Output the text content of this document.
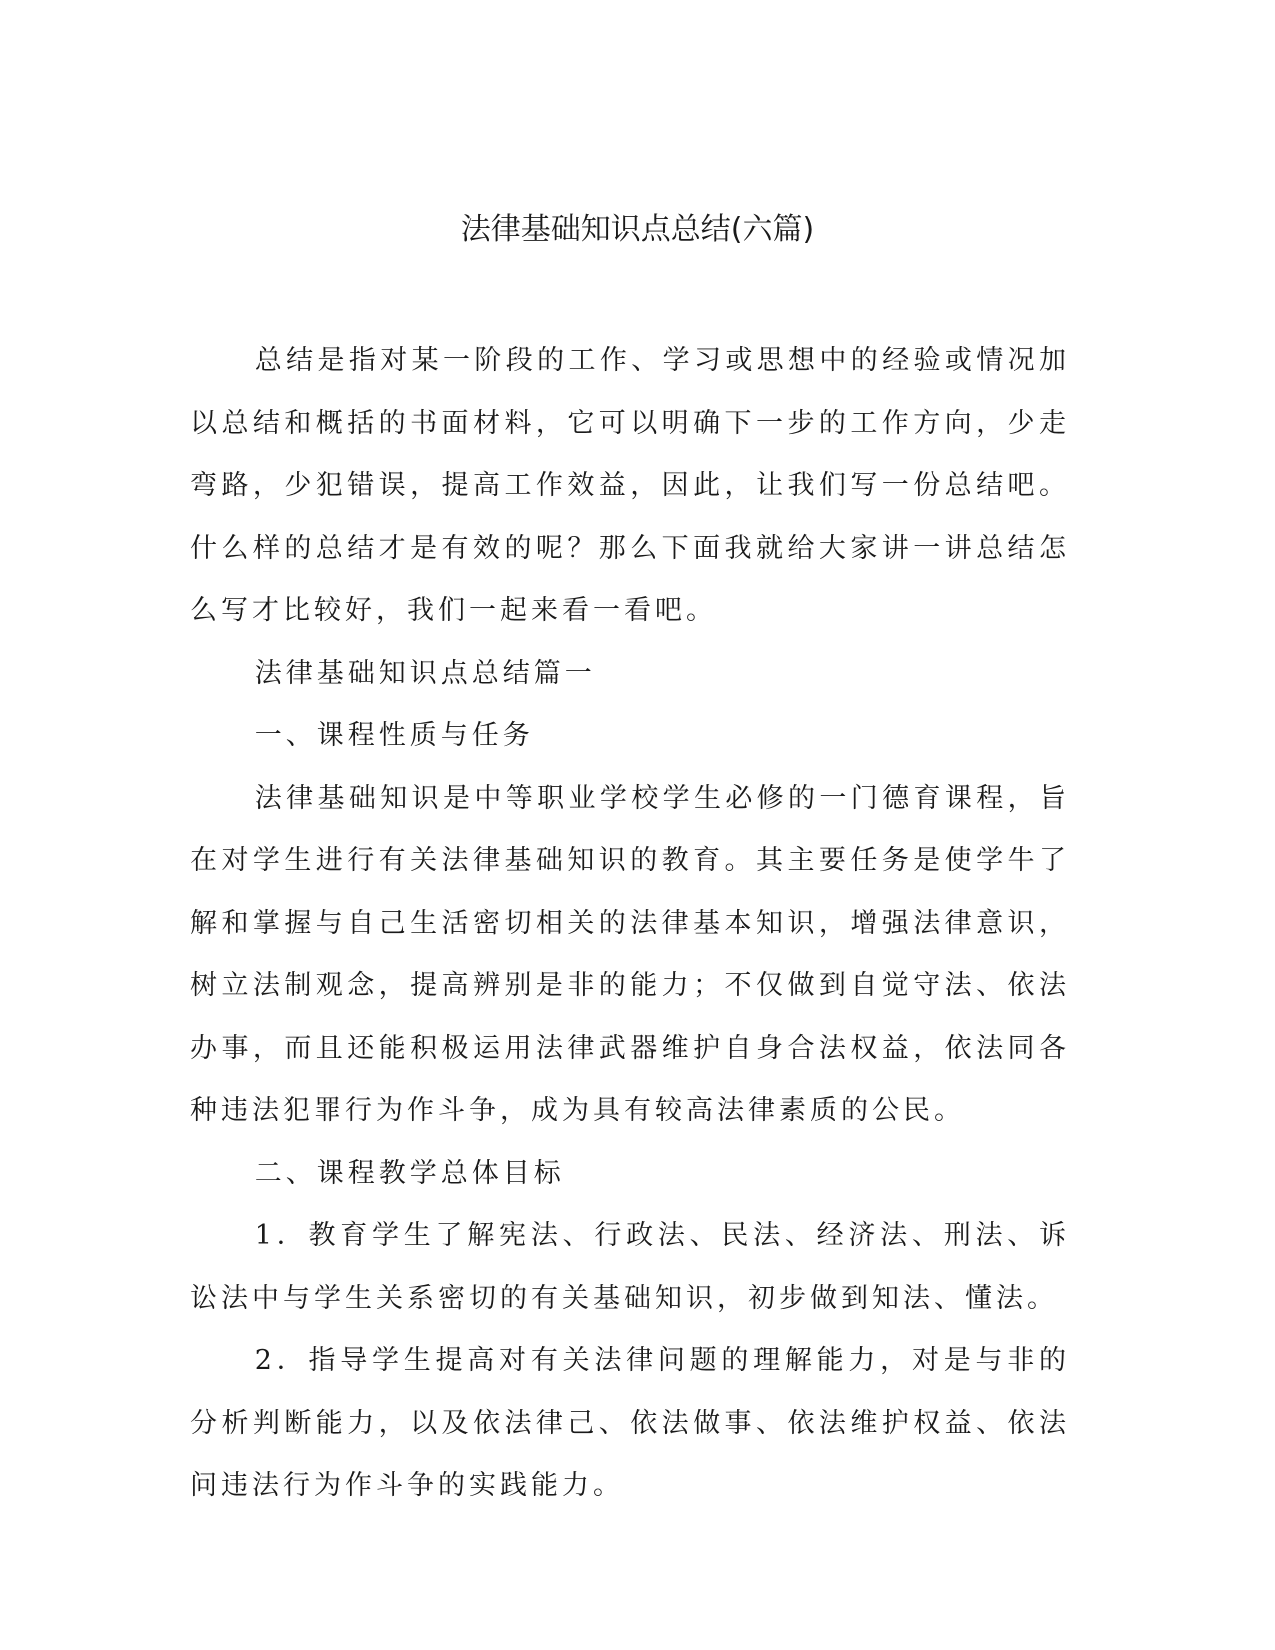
法律基础知识点总结(六篇)

总结是指对某一阶段的工作、学习或思想中的经验或情况加以总结和概括的书面材料，它可以明确下一步的工作方向，少走弯路，少犯错误，提高工作效益，因此，让我们写一份总结吧。什么样的总结才是有效的呢？那么下面我就给大家讲一讲总结怎么写才比较好，我们一起来看一看吧。

法律基础知识点总结篇一

一、课程性质与任务

法律基础知识是中等职业学校学生必修的一门德育课程，旨在对学生进行有关法律基础知识的教育。其主要任务是使学牛了解和掌握与自己生活密切相关的法律基本知识，增强法律意识，树立法制观念，提高辨别是非的能力；不仅做到自觉守法、依法办事，而且还能积极运用法律武器维护自身合法权益，依法同各种违法犯罪行为作斗争，成为具有较高法律素质的公民。

二、课程教学总体目标

1．教育学生了解宪法、行政法、民法、经济法、刑法、诉讼法中与学生关系密切的有关基础知识，初步做到知法、懂法。

2．指导学生提高对有关法律问题的理解能力，对是与非的分析判断能力，以及依法律己、依法做事、依法维护权益、依法问违法行为作斗争的实践能力。
